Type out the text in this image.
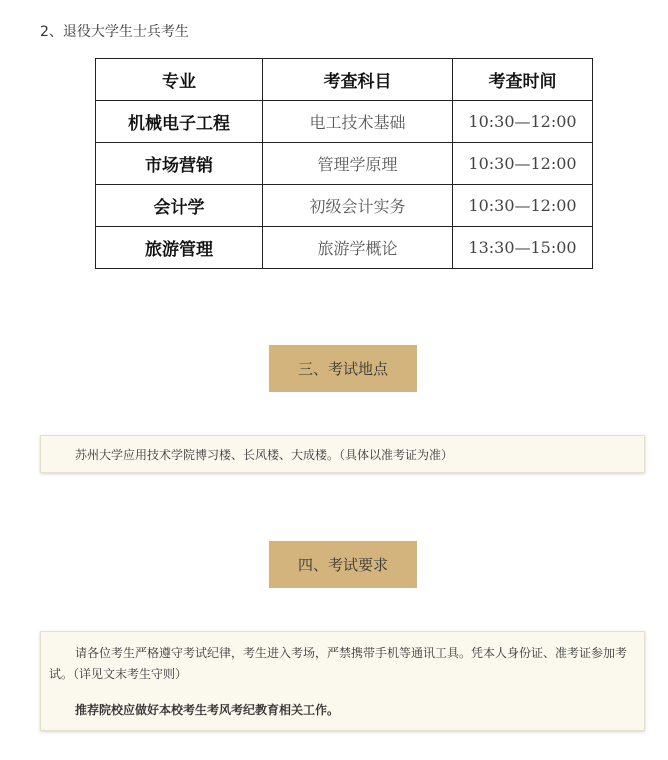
2、退役大学生士兵考生
专业	考查科目	考查时间
机械电子工程	电工技术基础	10:30—12:00
市场营销	管理学原理	10:30—12:00
会计学	初级会计实务	10:30—12:00
旅游管理	旅游学概论	13:30—15:00
三、考试地点
苏州大学应用技术学院博习楼、长风楼、大成楼。（具体以准考证为准）
四、考试要求

请各位考生严格遵守考试纪律，考生进入考场，严禁携带手机等通讯工具。凭本人身份证、准考证参加考试。（详见文末考生守则）

推荐院校应做好本校考生考风考纪教育相关工作。
